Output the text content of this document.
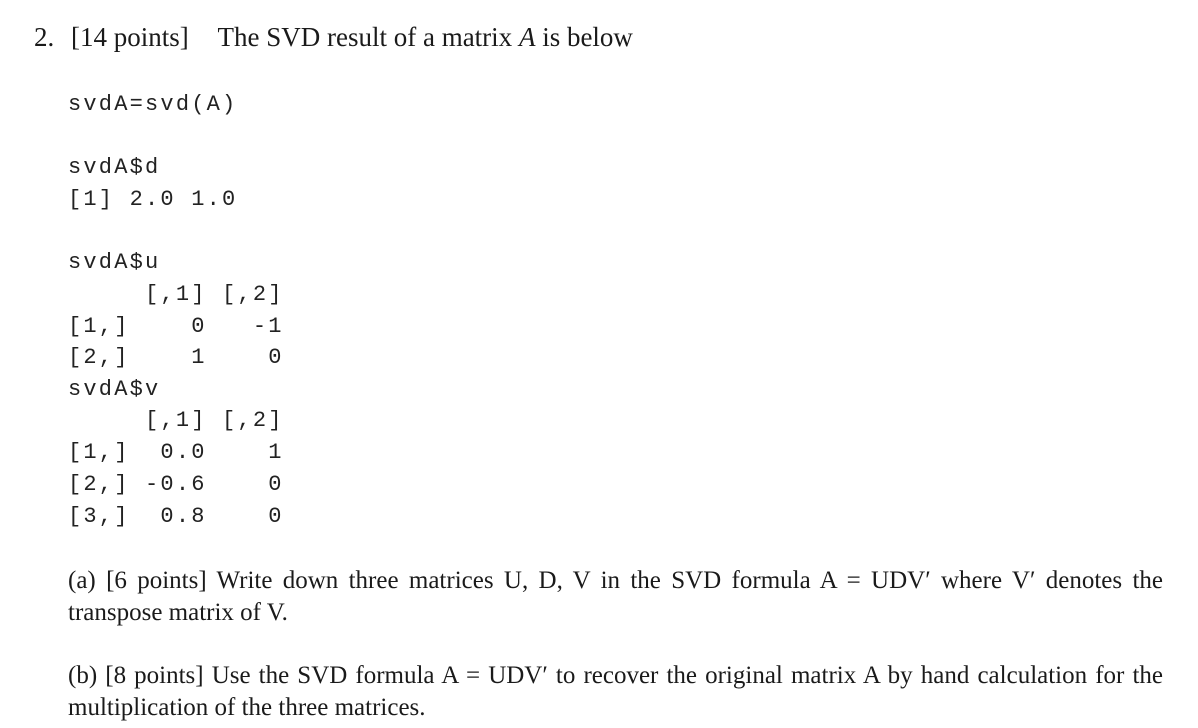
2. [14 points] The SVD result of a matrix A is below
svdA=svd(A)
svdA$d
[1] 2.0 1.0
svdA$u
[,1] [,2]
[1,]    0   -1
[2,]    1    0
svdA$v
[,1] [,2]
[1,]  0.0    1
[2,] -0.6    0
[3,]  0.8    0
(a) [6 points] Write down three matrices U, D, V in the SVD formula A = UDV′ where V′ denotes the transpose matrix of V.
(b) [8 points] Use the SVD formula A = UDV′ to recover the original matrix A by hand calculation for the multiplication of the three matrices.
